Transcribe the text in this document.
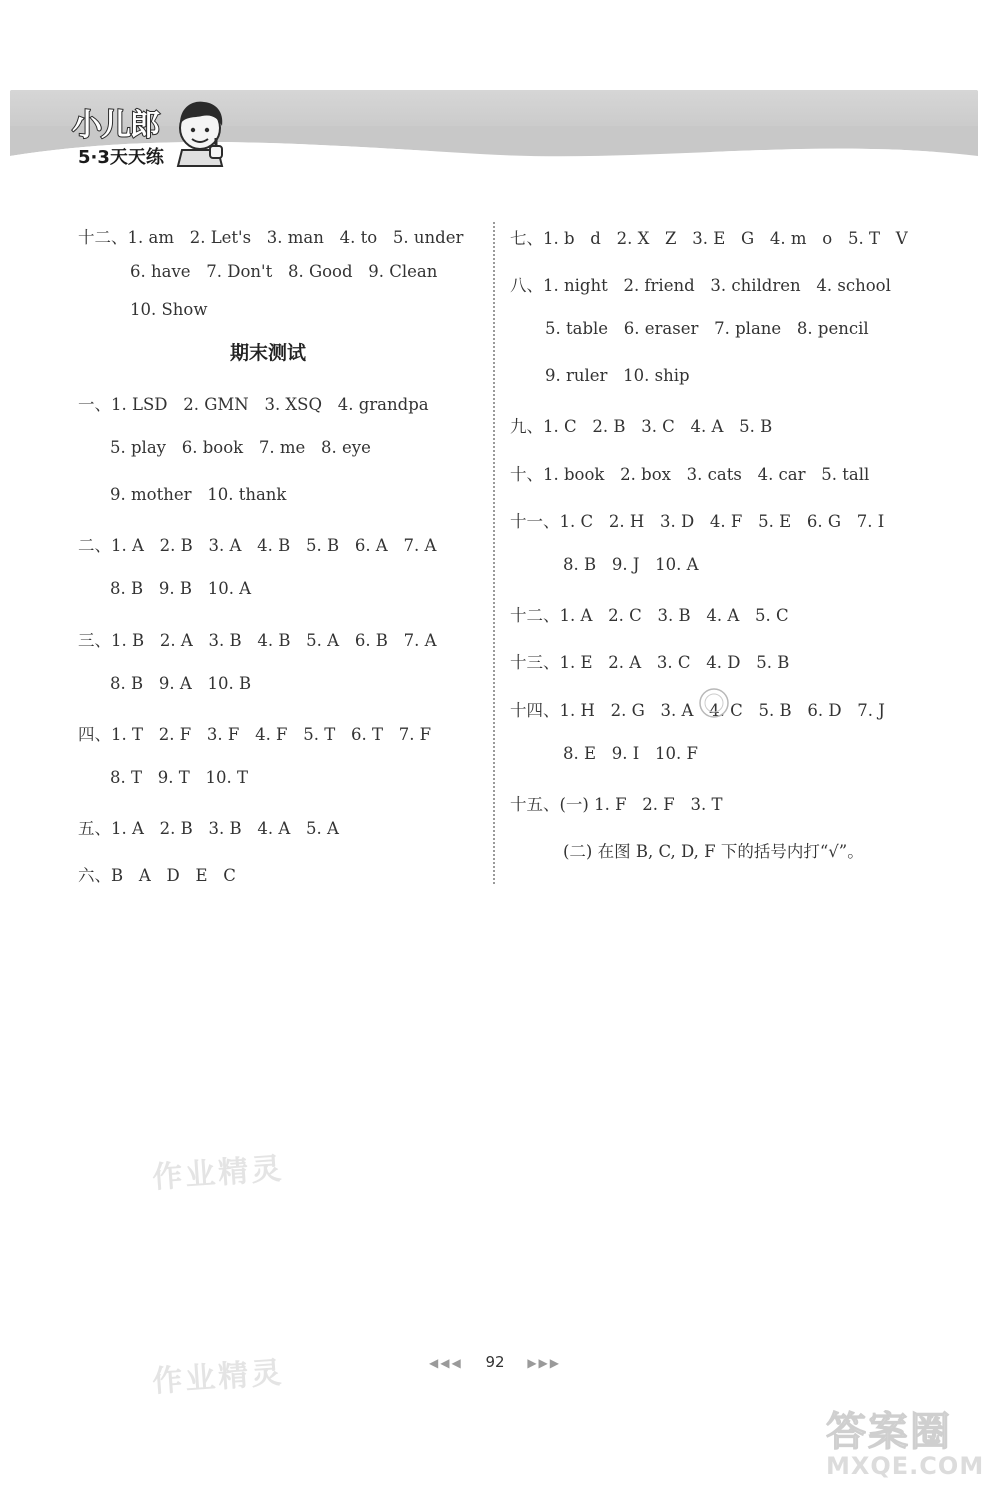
小儿郎
5·3天天练
十二、1. am   2. Let's   3. man   4. to   5. under
6. have   7. Don't   8. Good   9. Clean
10. Show
期末测试
一、1. LSD   2. GMN   3. XSQ   4. grandpa
5. play   6. book   7. me   8. eye
9. mother   10. thank
二、1. A   2. B   3. A   4. B   5. B   6. A   7. A
8. B   9. B   10. A
三、1. B   2. A   3. B   4. B   5. A   6. B   7. A
8. B   9. A   10. B
四、1. T   2. F   3. F   4. F   5. T   6. T   7. F
8. T   9. T   10. T
五、1. A   2. B   3. B   4. A   5. A
六、B   A   D   E   C
七、1. b   d   2. X   Z   3. E   G   4. m   o   5. T   V
八、1. night   2. friend   3. children   4. school
5. table   6. eraser   7. plane   8. pencil
9. ruler   10. ship
九、1. C   2. B   3. C   4. A   5. B
十、1. book   2. box   3. cats   4. car   5. tall
十一、1. C   2. H   3. D   4. F   5. E   6. G   7. I
8. B   9. J   10. A
十二、1. A   2. C   3. B   4. A   5. C
十三、1. E   2. A   3. C   4. D   5. B
十四、1. H   2. G   3. A   4. C   5. B   6. D   7. J
8. E   9. I   10. F
十五、(一) 1. F   2. F   3. T
(二) 在图 B, C, D, F 下的括号内打“√”。
作业精灵
作业精灵	◀◀◀ 92 ▶▶▶
答案圈
MXQE.COM
